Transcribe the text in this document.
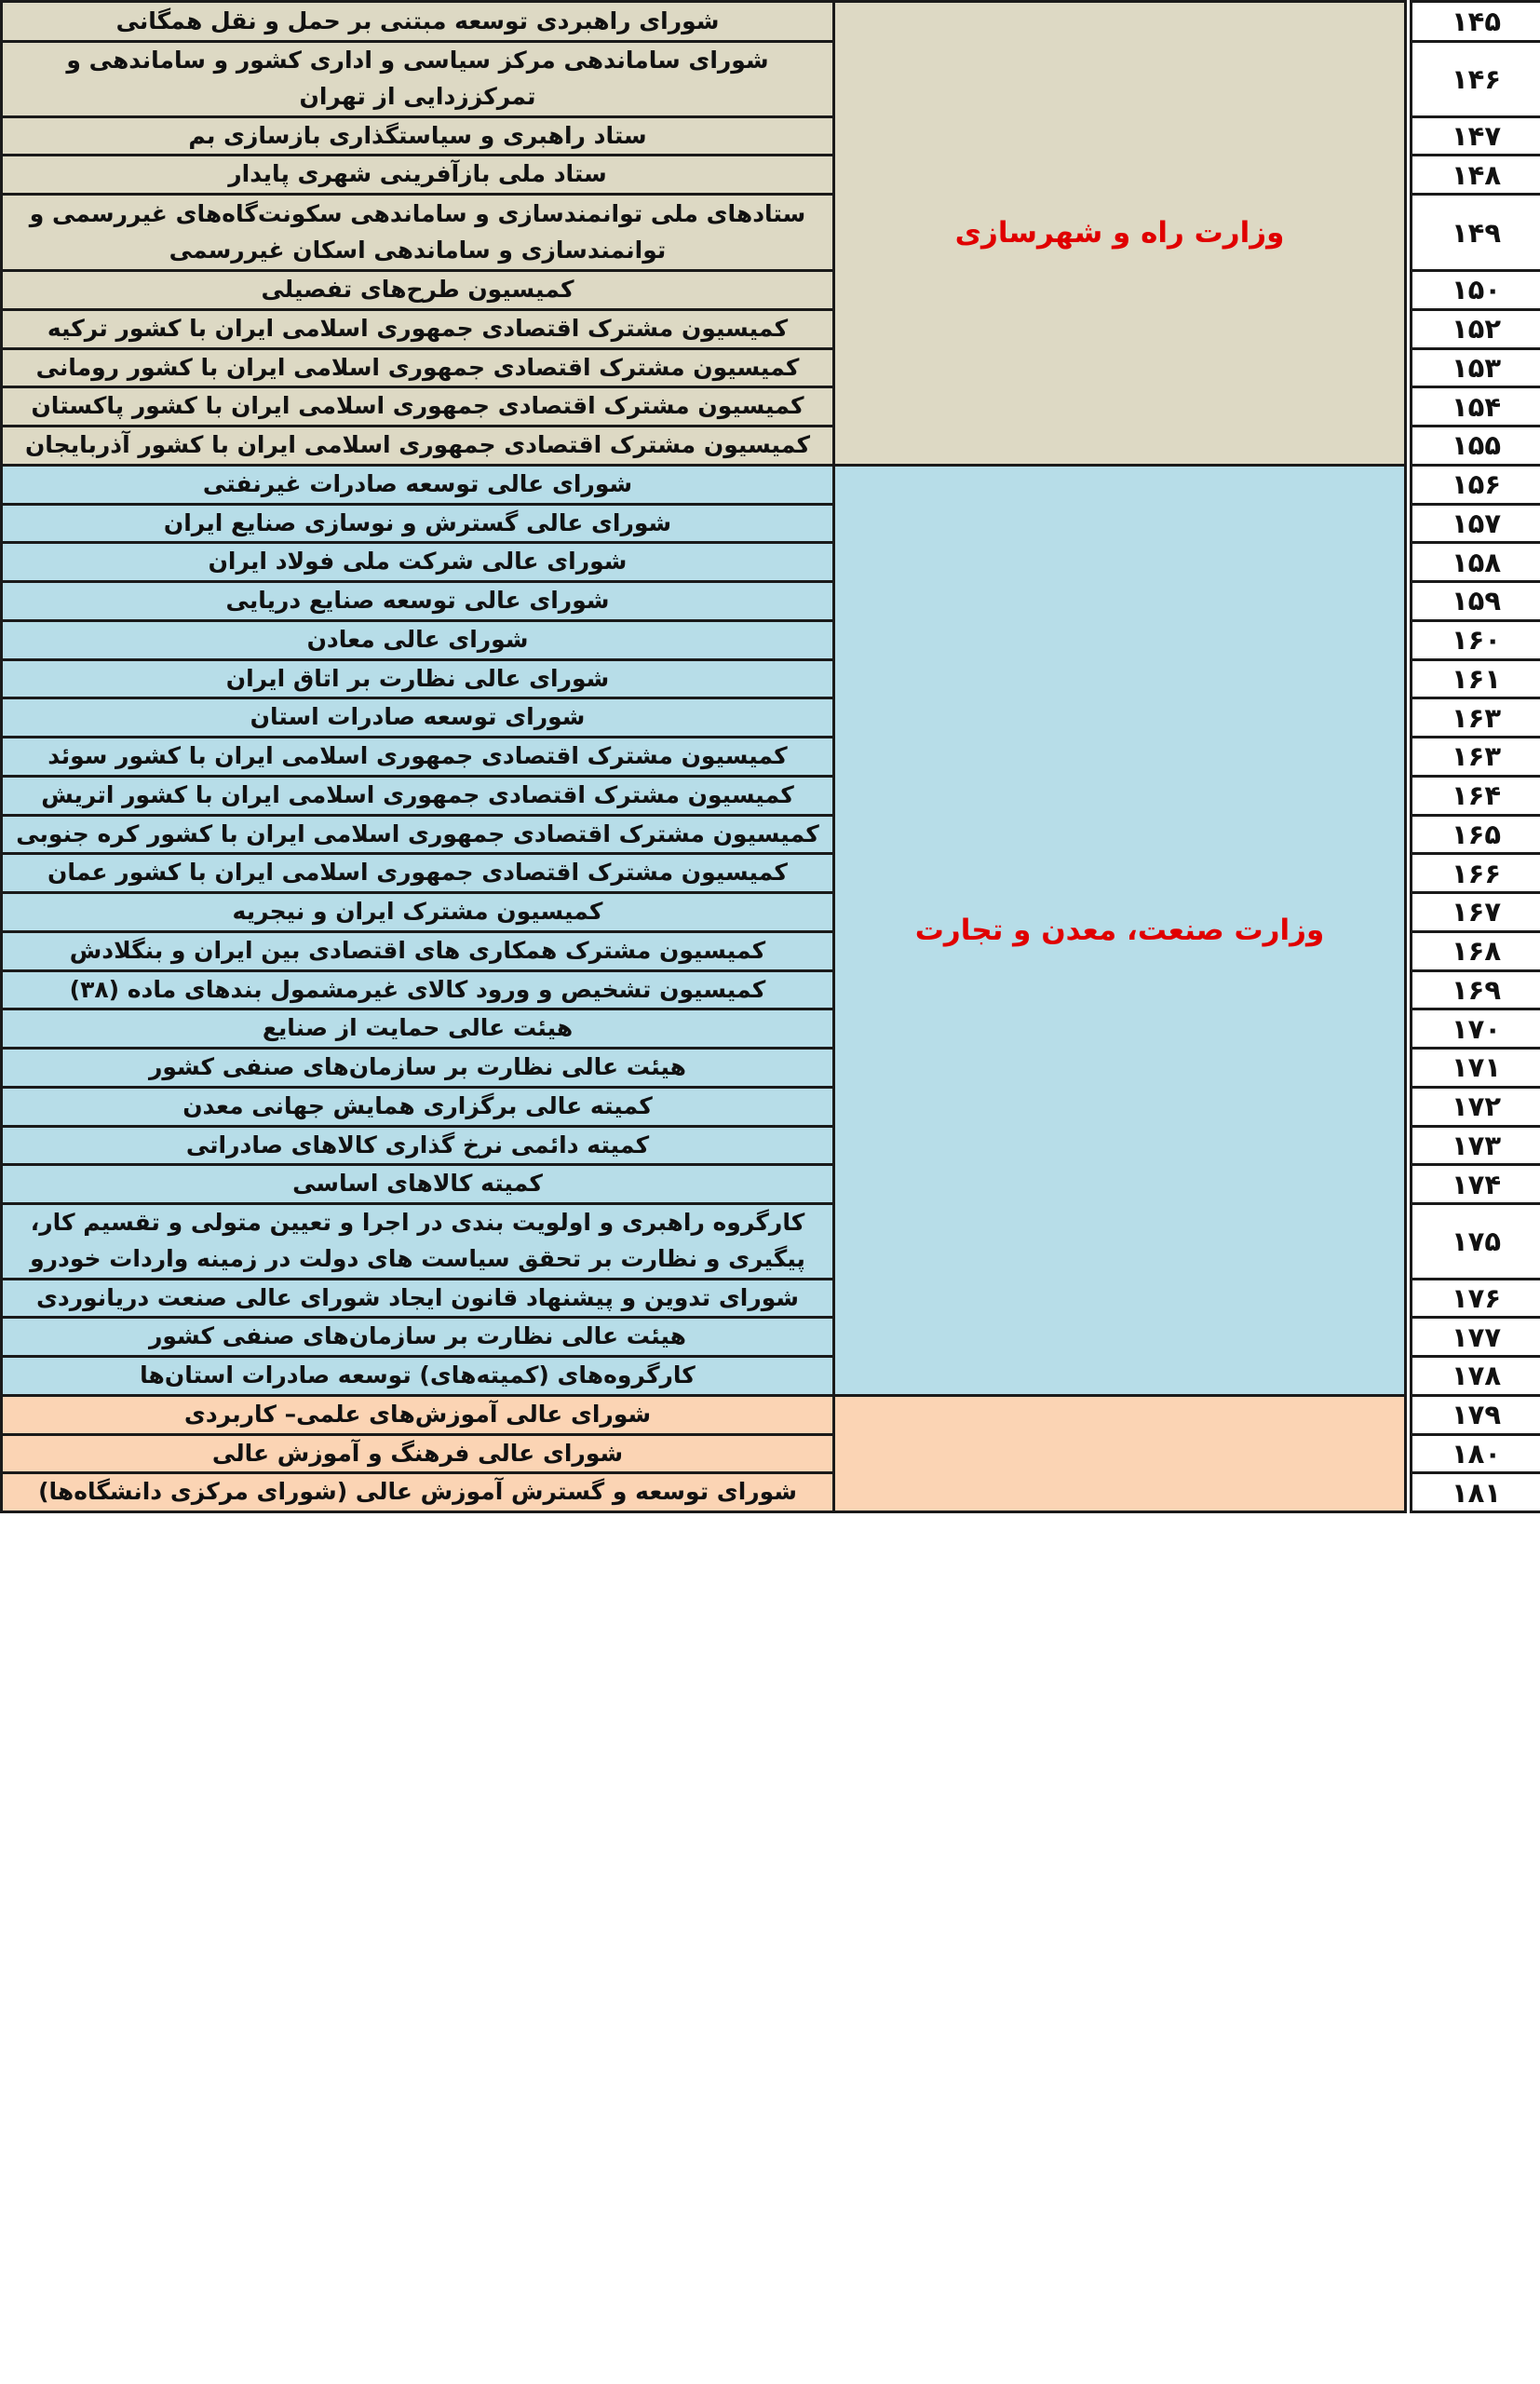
شورای راهبردی توسعه مبتنی بر حمل و نقل همگانی	وزارت راه و شهرسازی		۱۴۵
شورای ساماندهی مرکز سیاسی و اداری کشور و ساماندهی و تمرکززدایی از تهران			۱۴۶
ستاد راهبری و سیاستگذاری بازسازی بم			۱۴۷
ستاد ملی بازآفرینی شهری پایدار			۱۴۸
ستادهای ملی توانمندسازی و ساماندهی سکونت‌گاه‌های غیررسمی و توانمندسازی و ساماندهی اسکان غیررسمی			۱۴۹
کمیسیون طرح‌های تفصیلی			۱۵۰
کمیسیون مشترک اقتصادی جمهوری اسلامی ایران با کشور ترکیه			۱۵۲
کمیسیون مشترک اقتصادی جمهوری اسلامی ایران با کشور رومانی			۱۵۳
کمیسیون مشترک اقتصادی جمهوری اسلامی ایران با کشور پاکستان			۱۵۴
کمیسیون مشترک اقتصادی جمهوری اسلامی ایران با کشور آذربایجان			۱۵۵
شورای عالی توسعه صادرات غیرنفتی	وزارت صنعت، معدن و تجارت		۱۵۶
شورای عالی گسترش و نوسازی صنایع ایران			۱۵۷
شورای عالی شرکت ملی فولاد ایران			۱۵۸
شورای عالی توسعه صنایع دریایی			۱۵۹
شورای عالی معادن			۱۶۰
شورای عالی نظارت بر اتاق ایران			۱۶۱
شورای توسعه صادرات استان			۱۶۳
کمیسیون مشترک اقتصادی جمهوری اسلامی ایران با کشور سوئد			۱۶۳
کمیسیون مشترک اقتصادی جمهوری اسلامی ایران با کشور اتریش			۱۶۴
کمیسیون مشترک اقتصادی جمهوری اسلامی ایران با کشور کره جنوبی			۱۶۵
کمیسیون مشترک اقتصادی جمهوری اسلامی ایران با کشور عمان			۱۶۶
کمیسیون مشترک ایران و نیجریه			۱۶۷
کمیسیون مشترک همکاری های اقتصادی بین ایران و بنگلادش			۱۶۸
کمیسیون تشخیص و ورود کالای غیرمشمول بندهای ماده (۳۸)			۱۶۹
هیئت عالی حمایت از صنایع			۱۷۰
هیئت عالی نظارت بر سازمان‌های صنفی کشور			۱۷۱
کمیته عالی برگزاری همایش جهانی معدن			۱۷۲
کمیته دائمی نرخ گذاری کالاهای صادراتی			۱۷۳
کمیته کالاهای اساسی			۱۷۴
کارگروه راهبری و اولویت بندی در اجرا و تعیین متولی و تقسیم کار، پیگیری و نظارت بر تحقق سیاست های دولت در زمینه واردات خودرو			۱۷۵
شورای تدوین و پیشنهاد قانون ایجاد شورای عالی صنعت دریانوردی			۱۷۶
هیئت عالی نظارت بر سازمان‌های صنفی کشور			۱۷۷
کارگروه‌های (کمیته‌های) توسعه صادرات استان‌ها			۱۷۸
شورای عالی آموزش‌های علمی– کاربردی			۱۷۹
شورای عالی فرهنگ و آموزش عالی			۱۸۰
شورای توسعه و گسترش آموزش عالی (شورای مرکزی دانشگاه‌ها)			۱۸۱
